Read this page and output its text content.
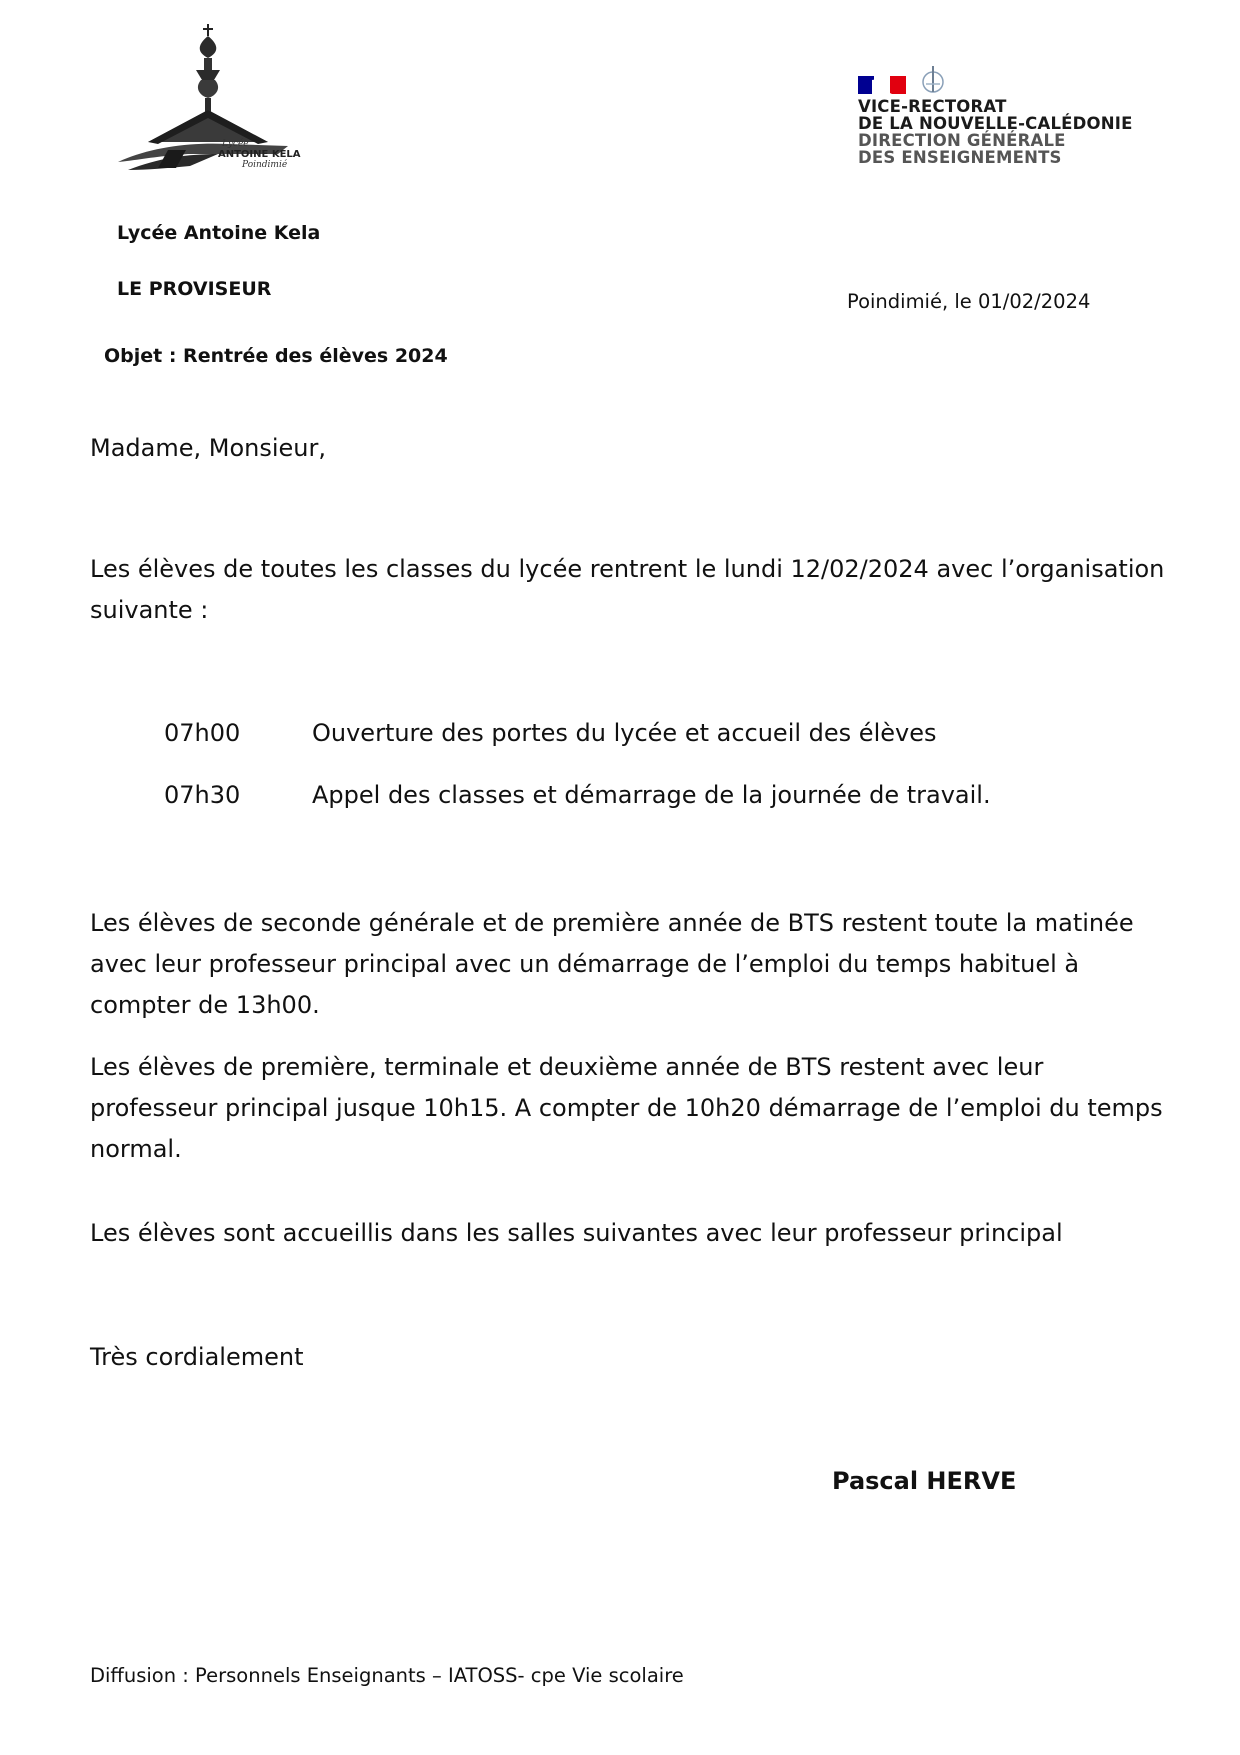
Lycée
ANTOINE KELA
Poindimié
VICE-RECTORAT
DE LA NOUVELLE-CALÉDONIE
DIRECTION GÉNÉRALE
DES ENSEIGNEMENTS
Lycée Antoine Kela
LE PROVISEUR
Poindimié, le 01/02/2024
Objet : Rentrée des élèves 2024
Madame, Monsieur,
Les élèves de toutes les classes du lycée rentrent le lundi 12/02/2024 avec l’organisation suivante :
07h00	Ouverture des portes du lycée et accueil des élèves
07h30	Appel des classes et démarrage de la journée de travail.
Les élèves de seconde générale et de première année de BTS restent toute la matinée avec leur professeur principal avec un démarrage de l’emploi du temps habituel à compter de 13h00.
Les élèves de première, terminale et deuxième année de BTS restent avec leur professeur principal jusque 10h15. A compter de 10h20 démarrage de l’emploi du temps normal.
Les élèves sont accueillis dans les salles suivantes avec leur professeur principal
Très cordialement
Pascal HERVE
Diffusion : Personnels Enseignants – IATOSS- cpe Vie scolaire
